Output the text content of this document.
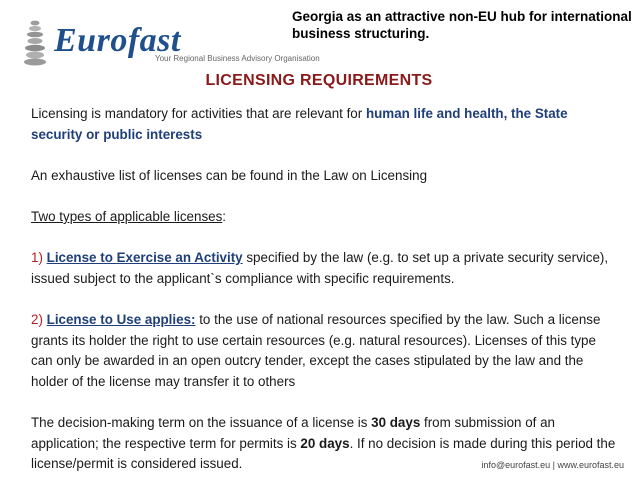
Eurofast
Your Regional Business Advisory Organisation
Georgia as an attractive non-EU hub for international business structuring.
LICENSING REQUIREMENTS

Licensing is mandatory for activities that are relevant for human life and health, the State security or public interests

An exhaustive list of licenses can be found in the Law on Licensing

Two types of applicable licenses:

1) License to Exercise an Activity specified by the law (e.g. to set up a private security service), issued subject to the applicant`s compliance with specific requirements.

2) License to Use applies: to the use of national resources specified by the law. Such a license grants its holder the right to use certain resources (e.g. natural resources). Licenses of this type can only be awarded in an open outcry tender, except the cases stipulated by the law and the holder of the license may transfer it to others

The decision-making term on the issuance of a license is 30 days from submission of an application; the respective term for permits is 20 days. If no decision is made during this period the license/permit is considered issued.	info@eurofast.eu | www.eurofast.eu
